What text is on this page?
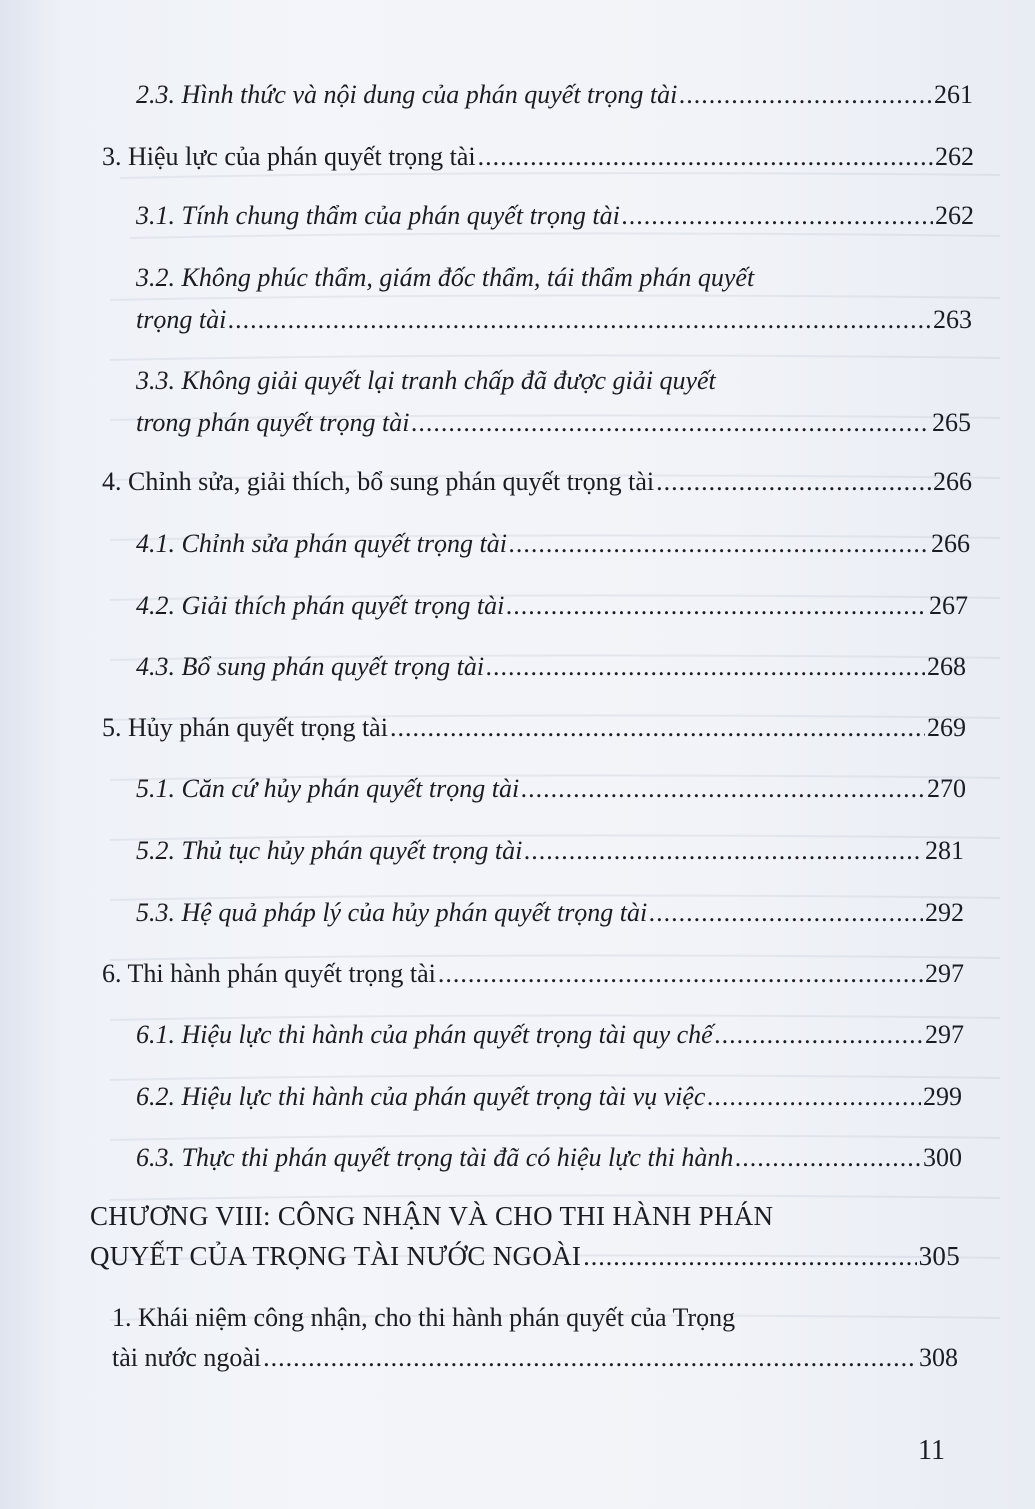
2.3. Hình thức và nội dung của phán quyết trọng tài .....	261
3. Hiệu lực của phán quyết trọng tài .....	262
3.1. Tính chung thẩm của phán quyết trọng tài .....	262
3.2. Không phúc thẩm, giám đốc thẩm, tái thẩm phán quyết
trọng tài .....	263
3.3. Không giải quyết lại tranh chấp đã được giải quyết
trong phán quyết trọng tài .....	265
4. Chỉnh sửa, giải thích, bổ sung phán quyết trọng tài .....	266
4.1. Chỉnh sửa phán quyết trọng tài .....	266
4.2. Giải thích phán quyết trọng tài .....	267
4.3. Bổ sung phán quyết trọng tài .....	268
5. Hủy phán quyết trọng tài .....	269
5.1. Căn cứ hủy phán quyết trọng tài .....	270
5.2. Thủ tục hủy phán quyết trọng tài .....	281
5.3. Hệ quả pháp lý của hủy phán quyết trọng tài .....	292
6. Thi hành phán quyết trọng tài .....	297
6.1. Hiệu lực thi hành của phán quyết trọng tài quy chế .....	297
6.2. Hiệu lực thi hành của phán quyết trọng tài vụ việc .....	299
6.3. Thực thi phán quyết trọng tài đã có hiệu lực thi hành .....	300
CHƯƠNG VIII: CÔNG NHẬN VÀ CHO THI HÀNH PHÁN
QUYẾT CỦA TRỌNG TÀI NƯỚC NGOÀI .....	305
1. Khái niệm công nhận, cho thi hành phán quyết của Trọng
tài nước ngoài .....	308
11
